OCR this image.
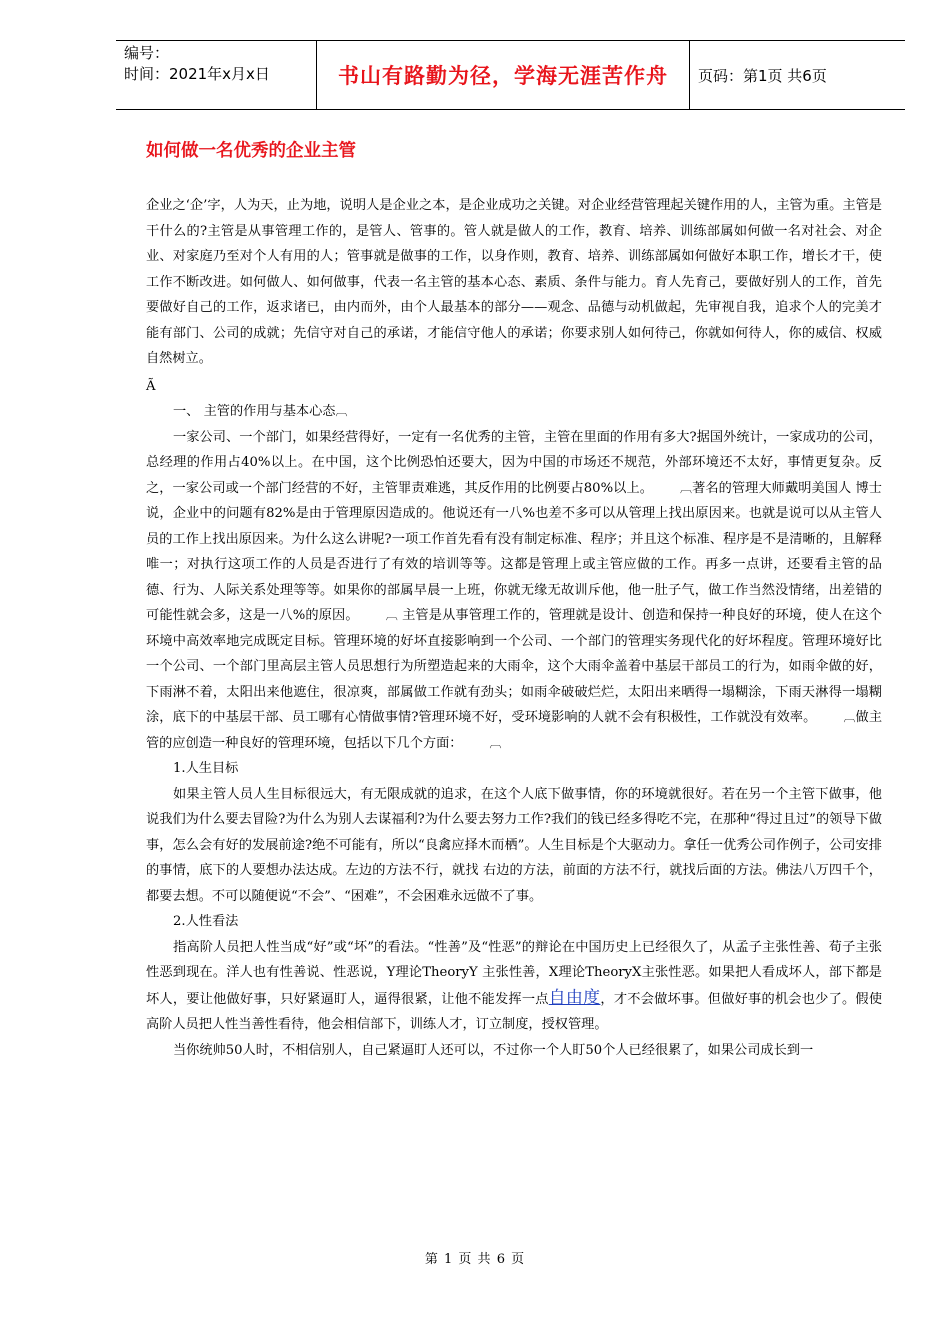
编号：
时间：2021年x月x日	书山有路勤为径，学海无涯苦作舟 页码：第1页 共6页
如何做一名优秀的企业主管

企业之‘企’字，人为天，止为地，说明人是企业之本，是企业成功之关键。对企业经营管理起关键作用的人，主管为重。主管是干什么的?主管是从事管理工作的，是管人、管事的。管人就是做人的工作，教育、培养、训练部属如何做一名对社会、对企业、对家庭乃至对个人有用的人；管事就是做事的工作，以身作则，教育、培养、训练部属如何做好本职工作，增长才干，使工作不断改进。如何做人、如何做事，代表一名主管的基本心态、素质、条件与能力。育人先育己，要做好别人的工作，首先要做好自己的工作，返求诸已，由内而外，由个人最基本的部分——观念、品德与动机做起，先审视自我，追求个人的完美才能有部门、公司的成就；先信守对自己的承诺，才能信守他人的承诺；你要求别人如何待己，你就如何待人，你的威信、权威自然树立。

Ã

一、 主管的作用与基本心态︹

一家公司、一个部门，如果经营得好，一定有一名优秀的主管，主管在里面的作用有多大?据国外统计，一家成功的公司，总经理的作用占40%以上。在中国，这个比例恐怕还要大，因为中国的市场还不规范，外部环境还不太好，事情更复杂。反之，一家公司或一个部门经营的不好，主管罪责难逃，其反作用的比例要占80%以上。 ︹著名的管理大师戴明美国人 博士说，企业中的问题有82%是由于管理原因造成的。他说还有一八%也差不多可以从管理上找出原因来。也就是说可以从主管人员的工作上找出原因来。为什么这么讲呢?一项工作首先看有没有制定标准、程序；并且这个标准、程序是不是清晰的，且解释唯一；对执行这项工作的人员是否进行了有效的培训等等。这都是管理上或主管应做的工作。再多一点讲，还要看主管的品德、行为、人际关系处理等等。如果你的部属早晨一上班，你就无缘无故训斥他，他一肚子气，做工作当然没情绪，出差错的可能性就会多，这是一八%的原因。 ︹ 主管是从事管理工作的，管理就是设计、创造和保持一种良好的环境，使人在这个环境中高效率地完成既定目标。管理环境的好坏直接影响到一个公司、一个部门的管理实务现代化的好坏程度。管理环境好比一个公司、一个部门里高层主管人员思想行为所塑造起来的大雨伞，这个大雨伞盖着中基层干部员工的行为，如雨伞做的好，下雨淋不着，太阳出来他遮住，很凉爽，部属做工作就有劲头；如雨伞破破烂烂，太阳出来晒得一塌糊涂，下雨天淋得一塌糊涂，底下的中基层干部、员工哪有心情做事情?管理环境不好，受环境影响的人就不会有积极性，工作就没有效率。 ︹做主管的应创造一种良好的管理环境，包括以下几个方面： ︹

1.人生目标

如果主管人员人生目标很远大，有无限成就的追求，在这个人底下做事情，你的环境就很好。若在另一个主管下做事，他说我们为什么要去冒险?为什么为别人去谋福利?为什么要去努力工作?我们的钱已经多得吃不完，在那种“得过且过”的领导下做事，怎么会有好的发展前途?绝不可能有，所以“良禽应择木而栖”。人生目标是个大驱动力。拿任一优秀公司作例子，公司安排的事情，底下的人要想办法达成。左边的方法不行，就找 右边的方法，前面的方法不行，就找后面的方法。佛法八万四千个，都要去想。不可以随便说“不会”、“困难”，不会困难永远做不了事。

2.人性看法

指高阶人员把人性当成“好”或“坏”的看法。“性善”及“性恶”的辩论在中国历史上已经很久了，从孟子主张性善、荀子主张性恶到现在。洋人也有性善说、性恶说，Y理论TheoryY 主张性善，X理论TheoryX主张性恶。如果把人看成坏人，部下都是坏人，要让他做好事，只好紧逼盯人，逼得很紧，让他不能发挥一点自由度，才不会做坏事。但做好事的机会也少了。假使高阶人员把人性当善性看待，他会相信部下，训练人才，订立制度，授权管理。

当你统帅50人时，不相信别人，自己紧逼盯人还可以，不过你一个人盯50个人已经很累了，如果公司成长到一

第 1 页 共 6 页
